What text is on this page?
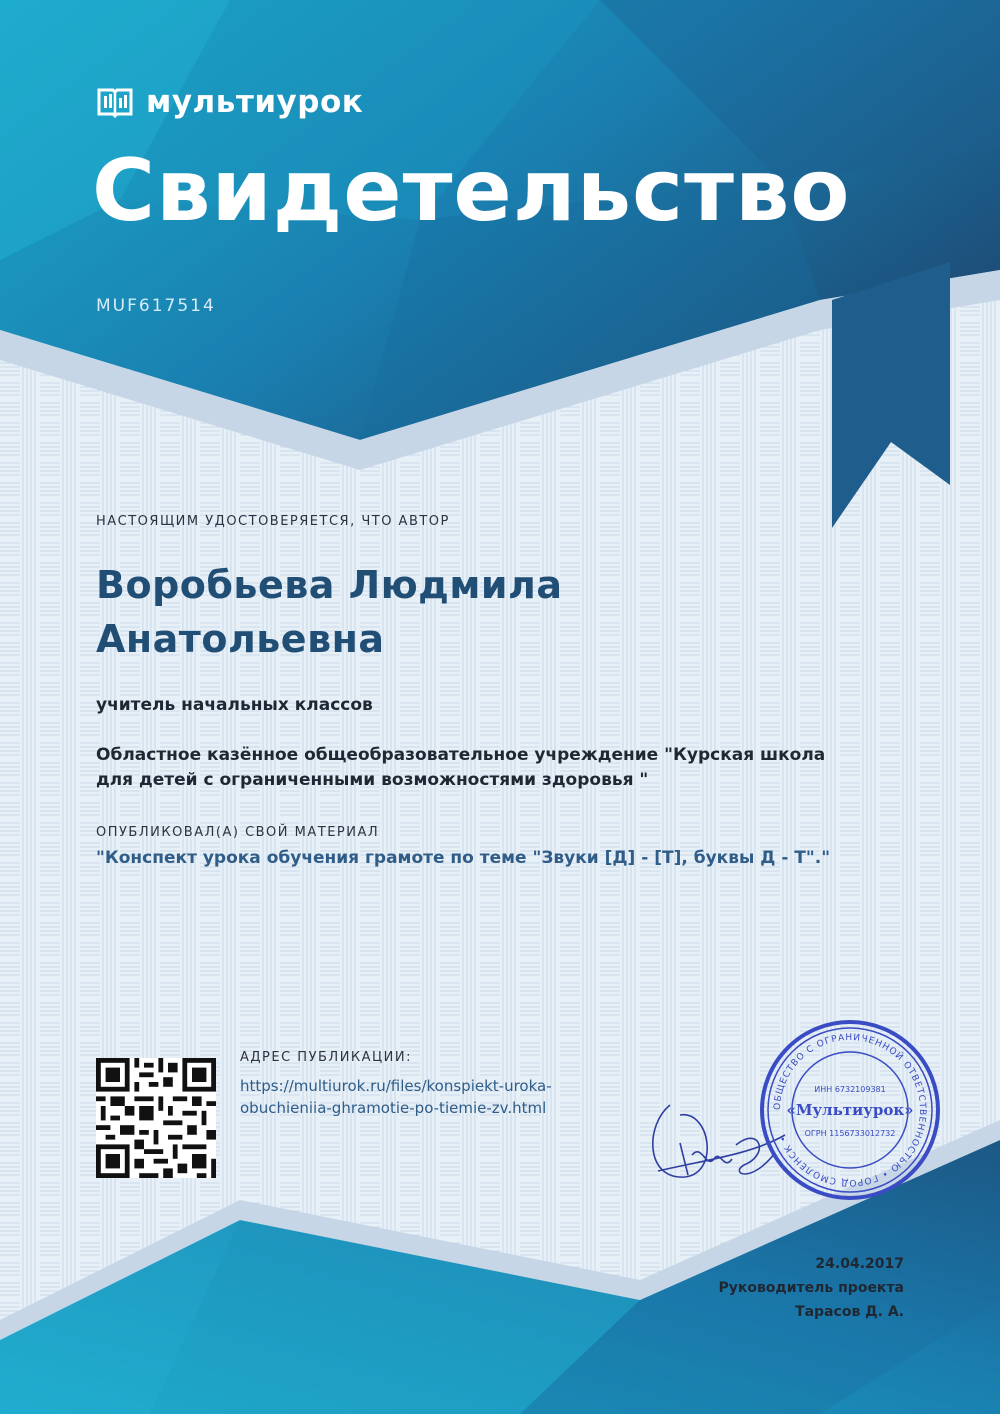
мультиурок
Свидетельство
MUF617514
НАСТОЯЩИМ УДОСТОВЕРЯЕТСЯ, ЧТО АВТОР
Воробьева Людмила
Анатольевна
учитель начальных классов
Областное казённое общеобразовательное учреждение "Курская школа
для детей с ограниченными возможностями здоровья "
ОПУБЛИКОВАЛ(А) СВОЙ МАТЕРИАЛ
"Конспект урока обучения грамоте по теме "Звуки [Д] - [Т], буквы Д - Т"."
АДРЕС ПУБЛИКАЦИИ:
https://multiurok.ru/files/konspiekt-uroka-
obuchieniia-ghramotie-po-tiemie-zv.html	ОБЩЕСТВО С ОГРАНИЧЕННОЙ ОТВЕТСТВЕННОСТЬЮ • ГОРОД СМОЛЕНСК •
ИНН 6732109381
«Мультиурок»
ОГРН 1156733012732
24.04.2017
Руководитель проекта
Тарасов Д. А.
